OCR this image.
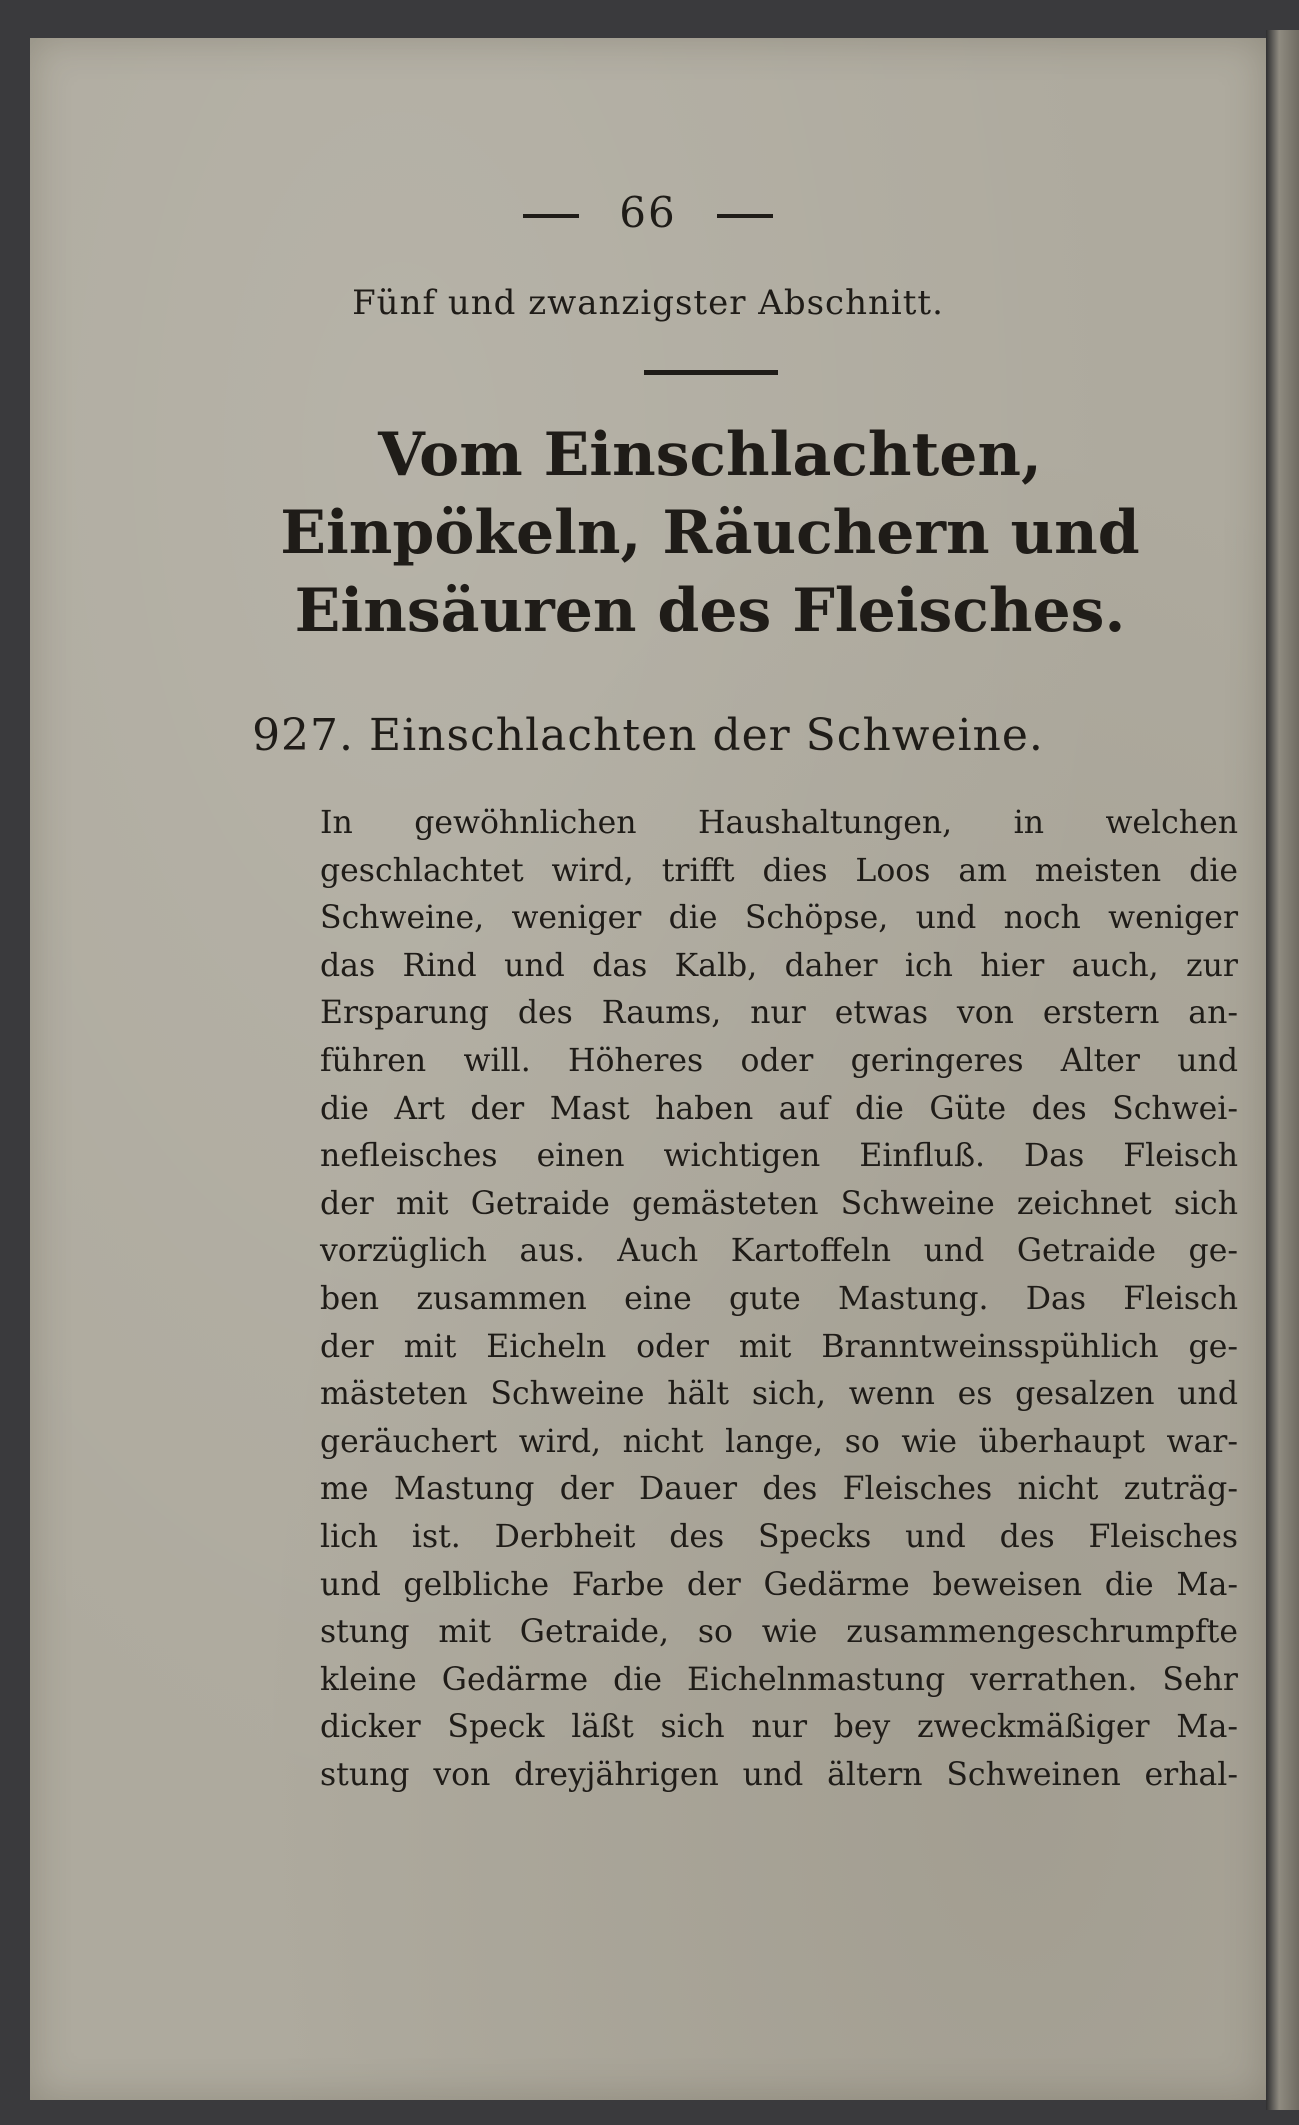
66
Fünf und zwanzigster Abschnitt.
Vom Einschlachten, Einpökeln, Räuchern und Einsäuren des Fleisches.
927. Einschlachten der Schweine.
In gewöhnlichen Haushaltungen, in welchen
geschlachtet wird, trifft dies Loos am meisten die
Schweine, weniger die Schöpse, und noch weniger
das Rind und das Kalb, daher ich hier auch, zur
Ersparung des Raums, nur etwas von erstern an-
führen will. Höheres oder geringeres Alter und
die Art der Mast haben auf die Güte des Schwei-
nefleisches einen wichtigen Einfluß. Das Fleisch
der mit Getraide gemästeten Schweine zeichnet sich
vorzüglich aus. Auch Kartoffeln und Getraide ge-
ben zusammen eine gute Mastung. Das Fleisch
der mit Eicheln oder mit Branntweinsspühlich ge-
mästeten Schweine hält sich, wenn es gesalzen und
geräuchert wird, nicht lange, so wie überhaupt war-
me Mastung der Dauer des Fleisches nicht zuträg-
lich ist. Derbheit des Specks und des Fleisches
und gelbliche Farbe der Gedärme beweisen die Ma-
stung mit Getraide, so wie zusammengeschrumpfte
kleine Gedärme die Eichelnmastung verrathen. Sehr
dicker Speck läßt sich nur bey zweckmäßiger Ma-
stung von dreyjährigen und ältern Schweinen erhal-
